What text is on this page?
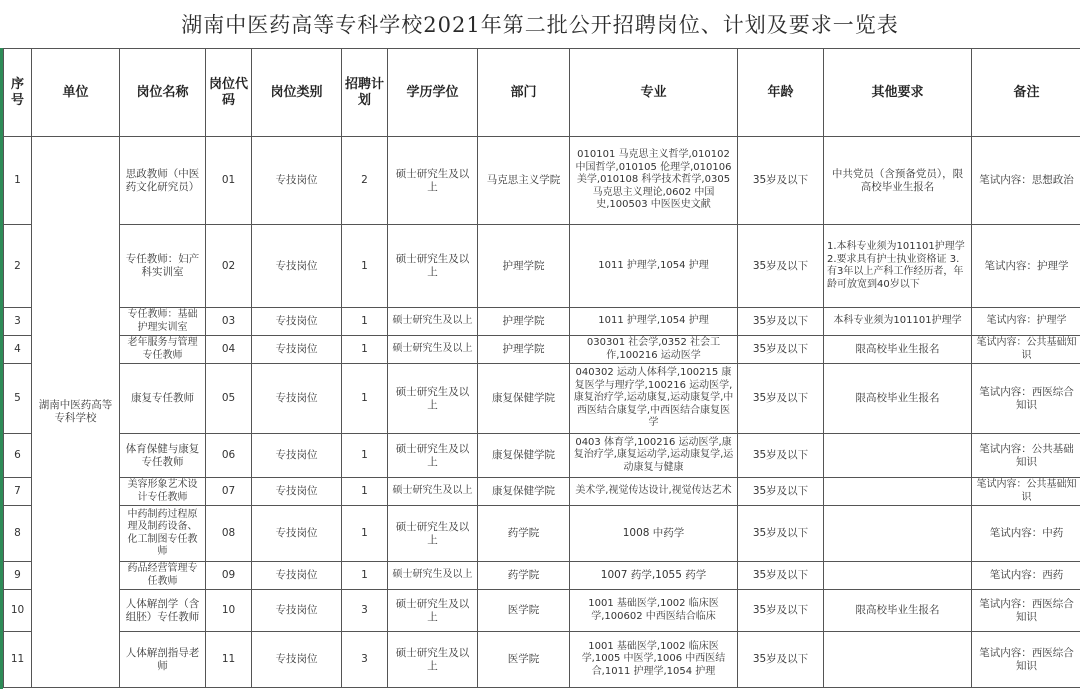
湖南中医药高等专科学校2021年第二批公开招聘岗位、计划及要求一览表
序号	单位	岗位名称	岗位代码	岗位类别	招聘计划	学历学位	部门	专业	年龄	其他要求	备注
1	湖南中医药高等专科学校	思政教师（中医药文化研究员）	01	专技岗位	2	硕士研究生及以上	马克思主义学院	010101 马克思主义哲学,010102 中国哲学,010105 伦理学,010106 美学,010108 科学技术哲学,0305 马克思主义理论,0602 中国史,100503 中医医史文献	35岁及以下	中共党员（含预备党员），限高校毕业生报名	笔试内容：思想政治
2		专任教师：妇产科实训室	02	专技岗位	1	硕士研究生及以上	护理学院	1011 护理学,1054 护理	35岁及以下	1.本科专业须为101101护理学 2.要求具有护士执业资格证 3.有3年以上产科工作经历者，年龄可放宽到40岁以下	笔试内容：护理学
3		专任教师：基础护理实训室	03	专技岗位	1	硕士研究生及以上	护理学院	1011 护理学,1054 护理	35岁及以下	本科专业须为101101护理学	笔试内容：护理学
4		老年服务与管理专任教师	04	专技岗位	1	硕士研究生及以上	护理学院	030301 社会学,0352 社会工作,100216 运动医学	35岁及以下	限高校毕业生报名	笔试内容：公共基础知识
5		康复专任教师	05	专技岗位	1	硕士研究生及以上	康复保健学院	040302 运动人体科学,100215 康复医学与理疗学,100216 运动医学,康复治疗学,运动康复,运动康复学,中西医结合康复学,中西医结合康复医学	35岁及以下	限高校毕业生报名	笔试内容：西医综合知识
6		体育保健与康复专任教师	06	专技岗位	1	硕士研究生及以上	康复保健学院	0403 体育学,100216 运动医学,康复治疗学,康复运动学,运动康复学,运动康复与健康	35岁及以下		笔试内容：公共基础知识
7		美容形象艺术设计专任教师	07	专技岗位	1	硕士研究生及以上	康复保健学院	美术学,视觉传达设计,视觉传达艺术	35岁及以下		笔试内容：公共基础知识
8		中药制药过程原理及制药设备、化工制图专任教师	08	专技岗位	1	硕士研究生及以上	药学院	1008 中药学	35岁及以下		笔试内容：中药
9		药品经营管理专任教师	09	专技岗位	1	硕士研究生及以上	药学院	1007 药学,1055 药学	35岁及以下		笔试内容：西药
10		人体解剖学（含组胚）专任教师	10	专技岗位	3	硕士研究生及以上	医学院	1001 基础医学,1002 临床医学,100602 中西医结合临床	35岁及以下	限高校毕业生报名	笔试内容：西医综合知识
11		人体解剖指导老师	11	专技岗位	3	硕士研究生及以上	医学院	1001 基础医学,1002 临床医学,1005 中医学,1006 中西医结合,1011 护理学,1054 护理	35岁及以下		笔试内容：西医综合知识
